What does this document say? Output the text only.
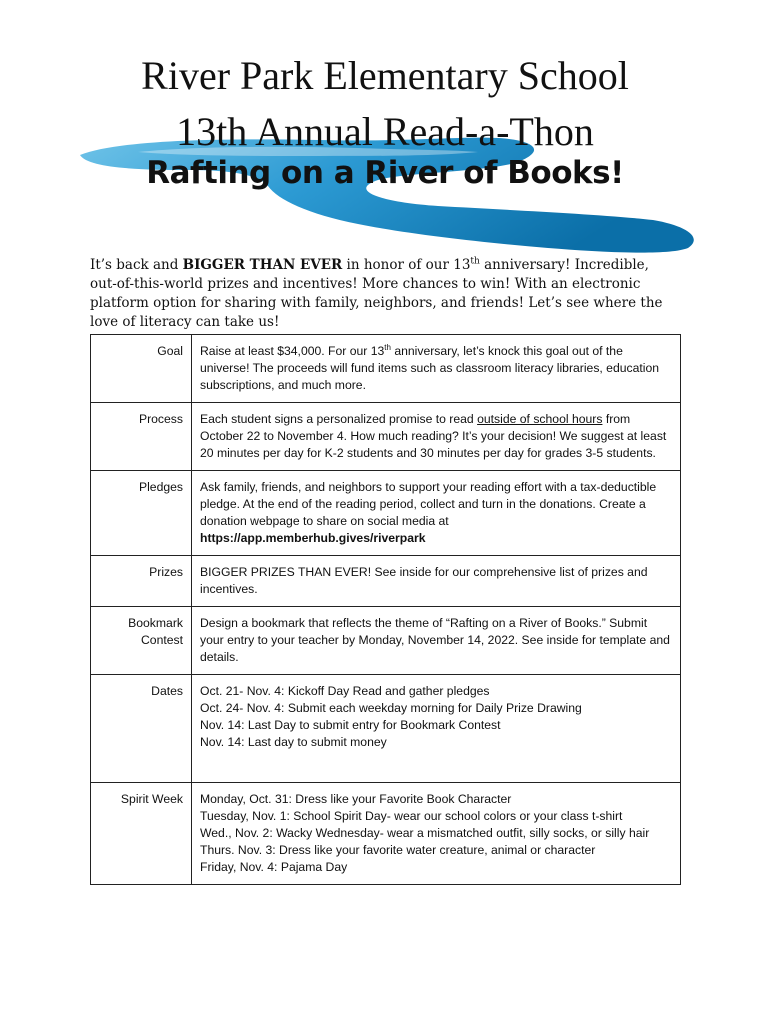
River Park Elementary School
13th Annual Read-a-Thon
Rafting on a River of Books!
It’s back and BIGGER THAN EVER in honor of our 13th anniversary! Incredible, out-of-this-world prizes and incentives! More chances to win! With an electronic platform option for sharing with family, neighbors, and friends! Let’s see where the love of literacy can take us!
Goal	Raise at least $34,000. For our 13th anniversary, let’s knock this goal out of the universe! The proceeds will fund items such as classroom literacy libraries, education subscriptions, and much more.
Process	Each student signs a personalized promise to read outside of school hours from October 22 to November 4. How much reading? It’s your decision! We suggest at least 20 minutes per day for K-2 students and 30 minutes per day for grades 3-5 students.
Pledges	Ask family, friends, and neighbors to support your reading effort with a tax-deductible pledge. At the end of the reading period, collect and turn in the donations. Create a donation webpage to share on social media at https://app.memberhub.gives/riverpark
Prizes	BIGGER PRIZES THAN EVER! See inside for our comprehensive list of prizes and incentives.

Bookmark
Contest	Design a bookmark that reflects the theme of “Rafting on a River of Books.” Submit your entry to your teacher by Monday, November 14, 2022. See inside for template and details.
Dates	Oct. 21- Nov. 4: Kickoff Day Read and gather pledges
Oct. 24- Nov. 4: Submit each weekday morning for Daily Prize Drawing
Nov. 14: Last Day to submit entry for Bookmark Contest
Nov. 14: Last day to submit money

Spirit Week	Monday, Oct. 31: Dress like your Favorite Book Character
Tuesday, Nov. 1: School Spirit Day- wear our school colors or your class t-shirt
Wed., Nov. 2: Wacky Wednesday- wear a mismatched outfit, silly socks, or silly hair
Thurs. Nov. 3: Dress like your favorite water creature, animal or character
Friday, Nov. 4: Pajama Day
